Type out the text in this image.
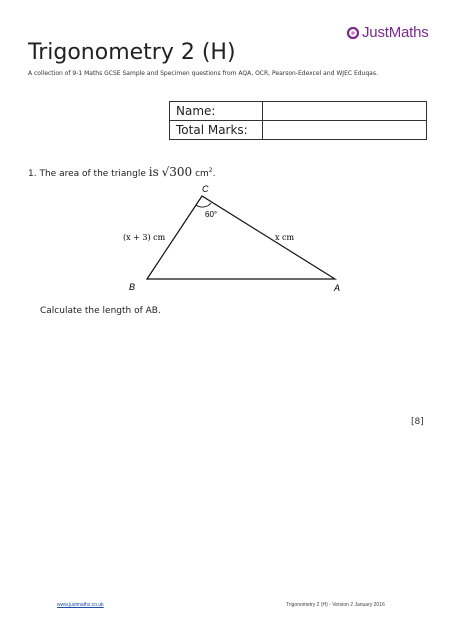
JustMaths
Trigonometry 2 (H)
A collection of 9-1 Maths GCSE Sample and Specimen questions from AQA, OCR, Pearson-Edexcel and WJEC Eduqas.
Name:	
Total Marks:	
1. The area of the triangle is √300 $cm^2$.
C
60°
(x + 3) cm	x cm
B	A
Calculate the length of AB.
[8]
www.justmaths.co.uk	Trigonometry 2 (H) - Version 2 January 2016
